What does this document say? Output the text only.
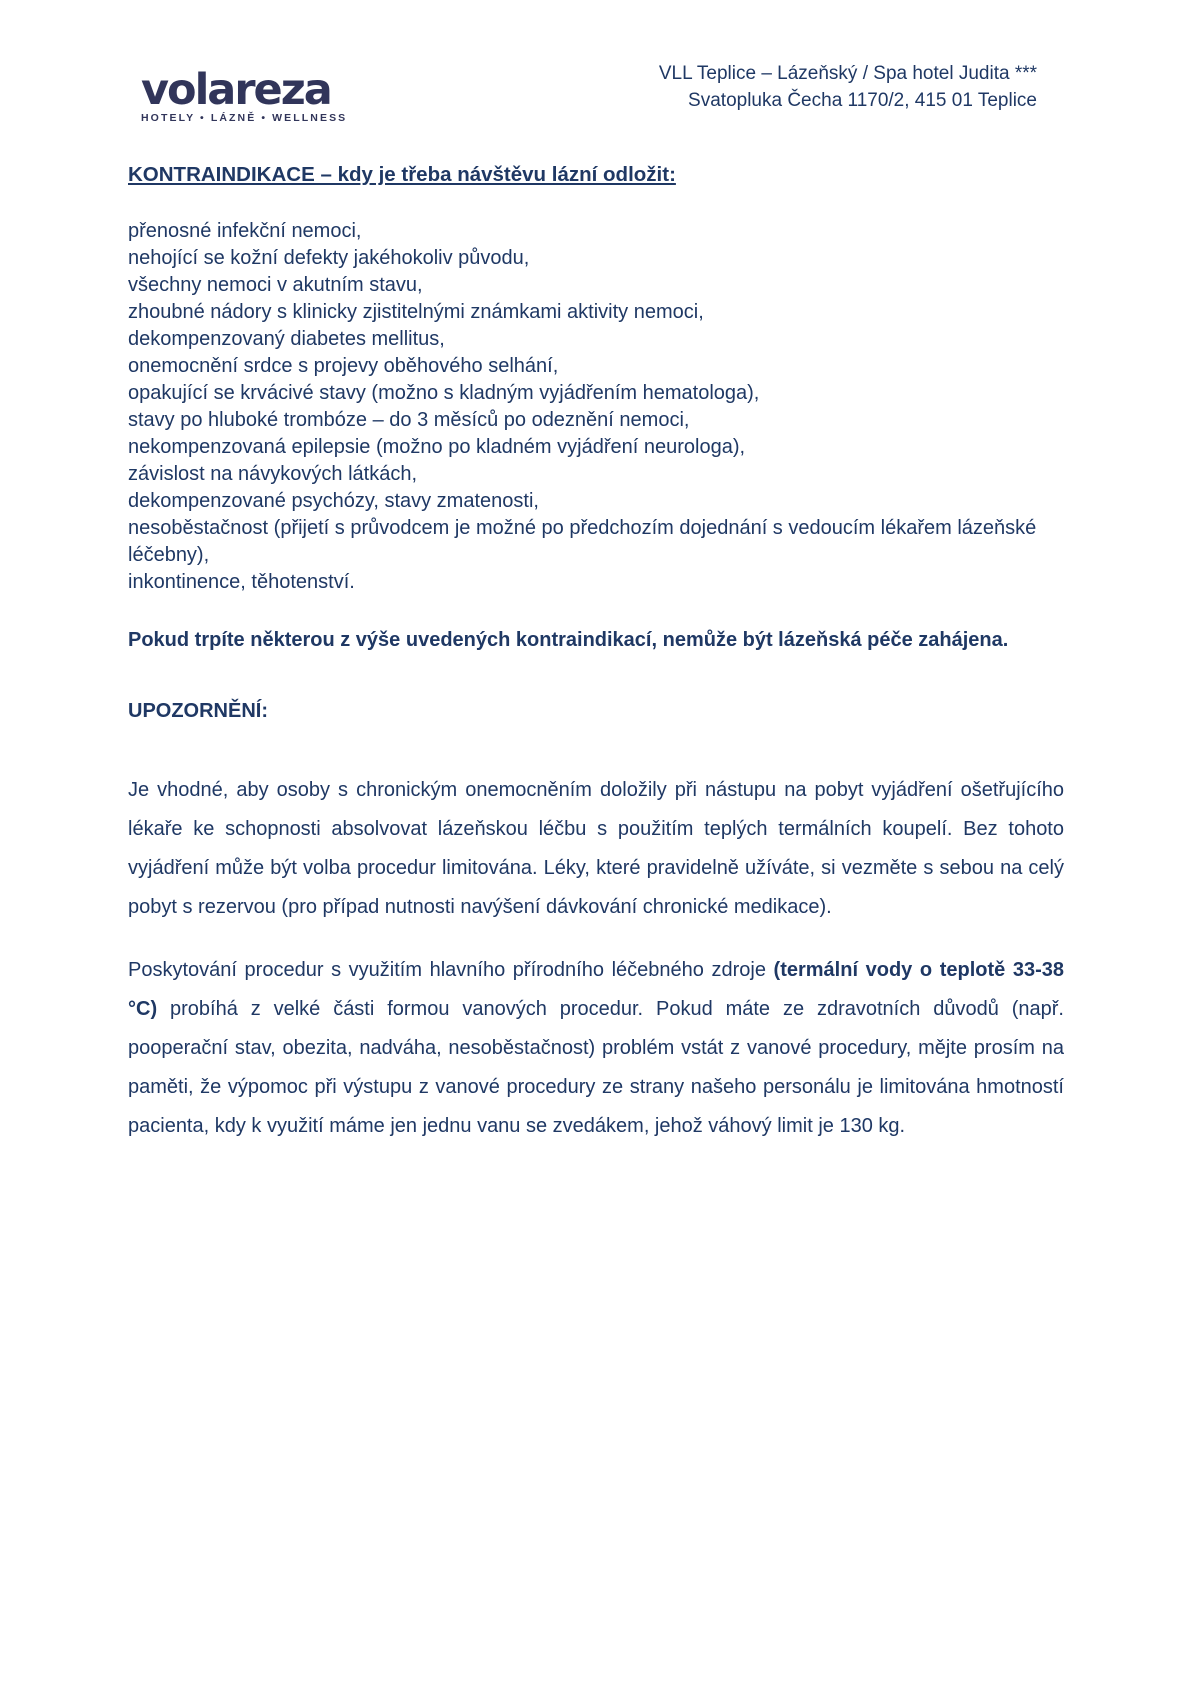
volareza
HOTELY • LÁZNĚ • WELLNESS
VLL Teplice – Lázeňský / Spa hotel Judita ***
Svatopluka Čecha 1170/2, 415 01 Teplice
KONTRAINDIKACE – kdy je třeba návštěvu lázní odložit:
přenosné infekční nemoci,
nehojící se kožní defekty jakéhokoliv původu,
všechny nemoci v akutním stavu,
zhoubné nádory s klinicky zjistitelnými známkami aktivity nemoci,
dekompenzovaný diabetes mellitus,
onemocnění srdce s projevy oběhového selhání,
opakující se krvácivé stavy (možno s kladným vyjádřením hematologa),
stavy po hluboké trombóze – do 3 měsíců po odeznění nemoci,
nekompenzovaná epilepsie (možno po kladném vyjádření neurologa),
závislost na návykových látkách,
dekompenzované psychózy, stavy zmatenosti,
nesoběstačnost (přijetí s průvodcem je možné po předchozím dojednání s vedoucím lékařem lázeňské léčebny),
inkontinence, těhotenství.
Pokud trpíte některou z výše uvedených kontraindikací, nemůže být lázeňská péče zahájena.
UPOZORNĚNÍ:
Je vhodné, aby osoby s chronickým onemocněním doložily při nástupu na pobyt vyjádření ošetřujícího lékaře ke schopnosti absolvovat lázeňskou léčbu s použitím teplých termálních koupelí. Bez tohoto vyjádření může být volba procedur limitována. Léky, které pravidelně užíváte, si vezměte s sebou na celý pobyt s rezervou (pro případ nutnosti navýšení dávkování chronické medikace).
Poskytování procedur s využitím hlavního přírodního léčebného zdroje (termální vody o teplotě 33-38 °C) probíhá z velké části formou vanových procedur. Pokud máte ze zdravotních důvodů (např. pooperační stav, obezita, nadváha, nesoběstačnost) problém vstát z vanové procedury, mějte prosím na paměti, že výpomoc při výstupu z vanové procedury ze strany našeho personálu je limitována hmotností pacienta, kdy k využití máme jen jednu vanu se zvedákem, jehož váhový limit je 130 kg.
